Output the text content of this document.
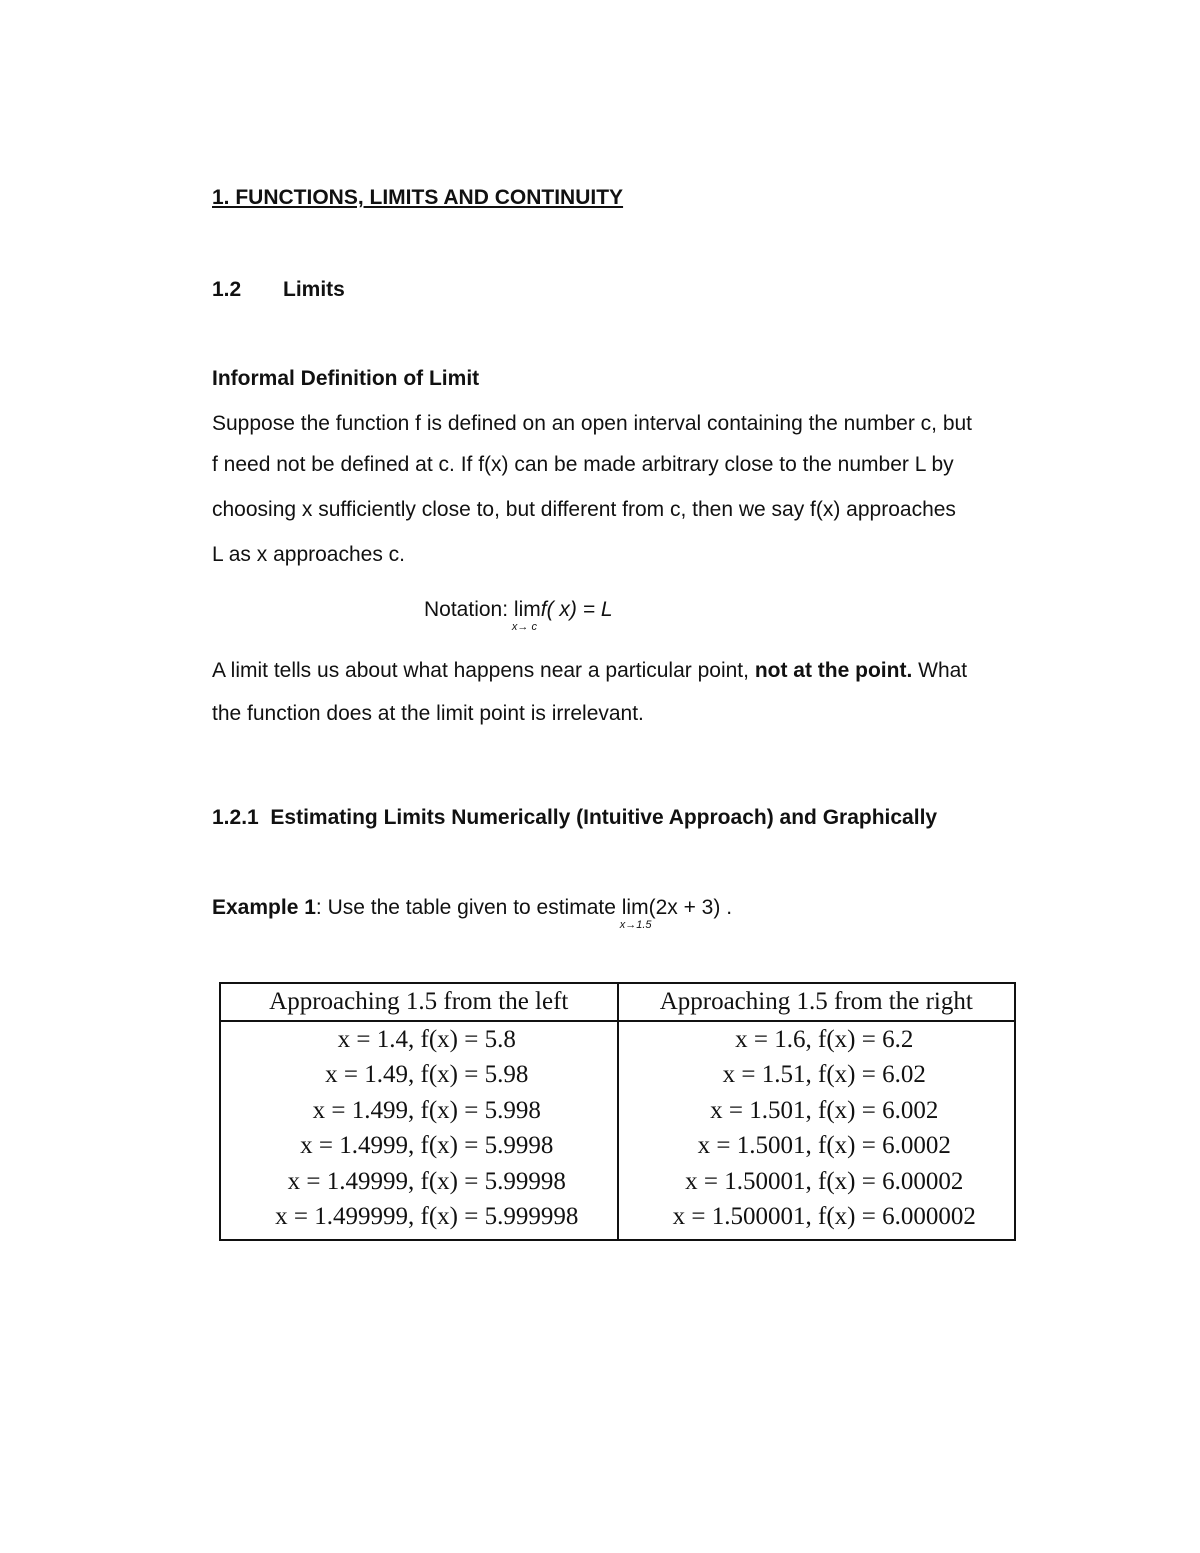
1. FUNCTIONS, LIMITS AND CONTINUITY
1.2 Limits
Informal Definition of Limit
Suppose the function f is defined on an open interval containing the number c, but
f need not be defined at c. If f(x) can be made arbitrary close to the number L by
choosing x sufficiently close to, but different from c, then we say f(x) approaches
L as x approaches c.
Notation: lim
x→ c
f( x) = L
A limit tells us about what happens near a particular point, not at the point. What
the function does at the limit point is irrelevant.
1.2.1 Estimating Limits Numerically (Intuitive Approach) and Graphically
Example 1: Use the table given to estimate lim
x→1.5
(2x + 3) .
Approaching 1.5 from the left	Approaching 1.5 from the right
x = 1.4, f(x) = 5.8	x = 1.6, f(x) = 6.2
x = 1.49, f(x) = 5.98	x = 1.51, f(x) = 6.02
x = 1.499, f(x) = 5.998	x = 1.501, f(x) = 6.002
x = 1.4999, f(x) = 5.9998	x = 1.5001, f(x) = 6.0002
x = 1.49999, f(x) = 5.99998	x = 1.50001, f(x) = 6.00002
x = 1.499999, f(x) = 5.999998	x = 1.500001, f(x) = 6.000002
